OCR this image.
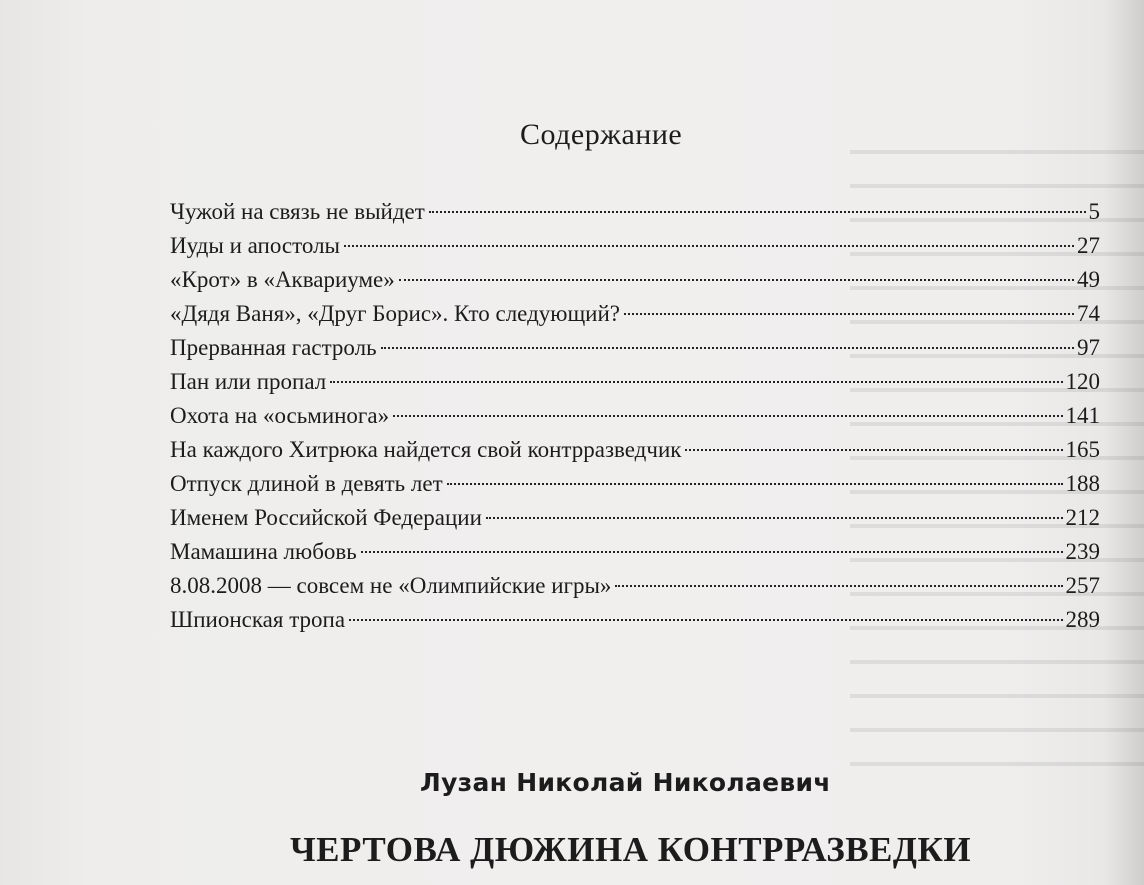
Содержание
Чужой на связь не выйдет	5
Иуды и апостолы	27
«Крот» в «Аквариуме»	49
«Дядя Ваня», «Друг Борис». Кто следующий?	74
Прерванная гастроль	97
Пан или пропал	120
Охота на «осьминога»	141
На каждого Хитрюка найдется свой контрразведчик	165
Отпуск длиной в девять лет	188
Именем Российской Федерации	212
Мамашина любовь	239
8.08.2008 — совсем не «Олимпийские игры»	257
Шпионская тропа	289
Лузан Николай Николаевич
ЧЕРТОВА ДЮЖИНА КОНТРРАЗВЕДКИ
